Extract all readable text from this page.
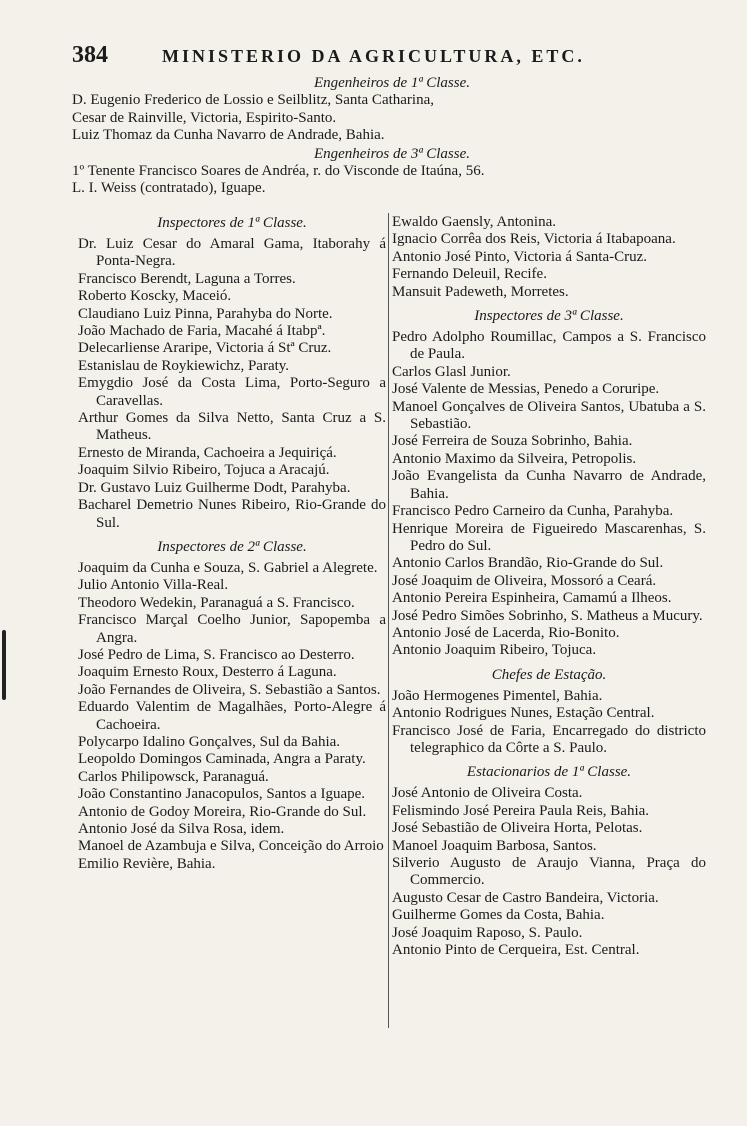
384	MINISTERIO DA AGRICULTURA, ETC.
Engenheiros de 1ª Classe.
D. Eugenio Frederico de Lossio e Seilblitz, Santa Catharina,
Cesar de Rainville, Victoria, Espirito-Santo.
Luiz Thomaz da Cunha Navarro de Andrade, Bahia.
Engenheiros de 3ª Classe.
1º Tenente Francisco Soares de Andréa, r. do Visconde de Itaúna, 56.
L. I. Weiss (contratado), Iguape.
Inspectores de 1ª Classe.
Dr. Luiz Cesar do Amaral Gama, Itaborahy á Ponta-Negra.
Francisco Berendt, Laguna a Torres.
Roberto Koscky, Maceió.
Claudiano Luiz Pinna, Parahyba do Norte.
João Machado de Faria, Macahé á Itabpª.
Delecarliense Araripe, Victoria á Stª Cruz.
Estanislau de Roykiewichz, Paraty.
Emygdio José da Costa Lima, Porto-Seguro a Caravellas.
Arthur Gomes da Silva Netto, Santa Cruz a S. Matheus.
Ernesto de Miranda, Cachoeira a Jequiriçá.
Joaquim Silvio Ribeiro, Tojuca a Aracajú.
Dr. Gustavo Luiz Guilherme Dodt, Parahyba.
Bacharel Demetrio Nunes Ribeiro, Rio-Grande do Sul.
Inspectores de 2ª Classe.
Joaquim da Cunha e Souza, S. Gabriel a Alegrete.
Julio Antonio Villa-Real.
Theodoro Wedekin, Paranaguá a S. Francisco.
Francisco Marçal Coelho Junior, Sapopemba a Angra.
José Pedro de Lima, S. Francisco ao Desterro.
Joaquim Ernesto Roux, Desterro á Laguna.
João Fernandes de Oliveira, S. Sebastião a Santos.
Eduardo Valentim de Magalhães, Porto-Alegre á Cachoeira.
Polycarpo Idalino Gonçalves, Sul da Bahia.
Leopoldo Domingos Caminada, Angra a Paraty.
Carlos Philipowsck, Paranaguá.
João Constantino Janacopulos, Santos a Iguape.
Antonio de Godoy Moreira, Rio-Grande do Sul.
Antonio José da Silva Rosa, idem.
Manoel de Azambuja e Silva, Conceição do Arroio
Emilio Revière, Bahia.
Ewaldo Gaensly, Antonina.
Ignacio Corrêa dos Reis, Victoria á Itabapoana.
Antonio José Pinto, Victoria á Santa-Cruz.
Fernando Deleuil, Recife.
Mansuit Padeweth, Morretes.
Inspectores de 3ª Classe.
Pedro Adolpho Roumillac, Campos a S. Francisco de Paula.
Carlos Glasl Junior.
José Valente de Messias, Penedo a Coruripe.
Manoel Gonçalves de Oliveira Santos, Ubatuba a S. Sebastião.
José Ferreira de Souza Sobrinho, Bahia.
Antonio Maximo da Silveira, Petropolis.
João Evangelista da Cunha Navarro de Andrade, Bahia.
Francisco Pedro Carneiro da Cunha, Parahyba.
Henrique Moreira de Figueiredo Mascarenhas, S. Pedro do Sul.
Antonio Carlos Brandão, Rio-Grande do Sul.
José Joaquim de Oliveira, Mossoró a Ceará.
Antonio Pereira Espinheira, Camamú a Ilheos.
José Pedro Simões Sobrinho, S. Matheus a Mucury.
Antonio José de Lacerda, Rio-Bonito.
Antonio Joaquim Ribeiro, Tojuca.
Chefes de Estação.
João Hermogenes Pimentel, Bahia.
Antonio Rodrigues Nunes, Estação Central.
Francisco José de Faria, Encarregado do districto telegraphico da Côrte a S. Paulo.
Estacionarios de 1ª Classe.
José Antonio de Oliveira Costa.
Felismindo José Pereira Paula Reis, Bahia.
José Sebastião de Oliveira Horta, Pelotas.
Manoel Joaquim Barbosa, Santos.
Silverio Augusto de Araujo Vianna, Praça do Commercio.
Augusto Cesar de Castro Bandeira, Victoria.
Guilherme Gomes da Costa, Bahia.
José Joaquim Raposo, S. Paulo.
Antonio Pinto de Cerqueira, Est. Central.
